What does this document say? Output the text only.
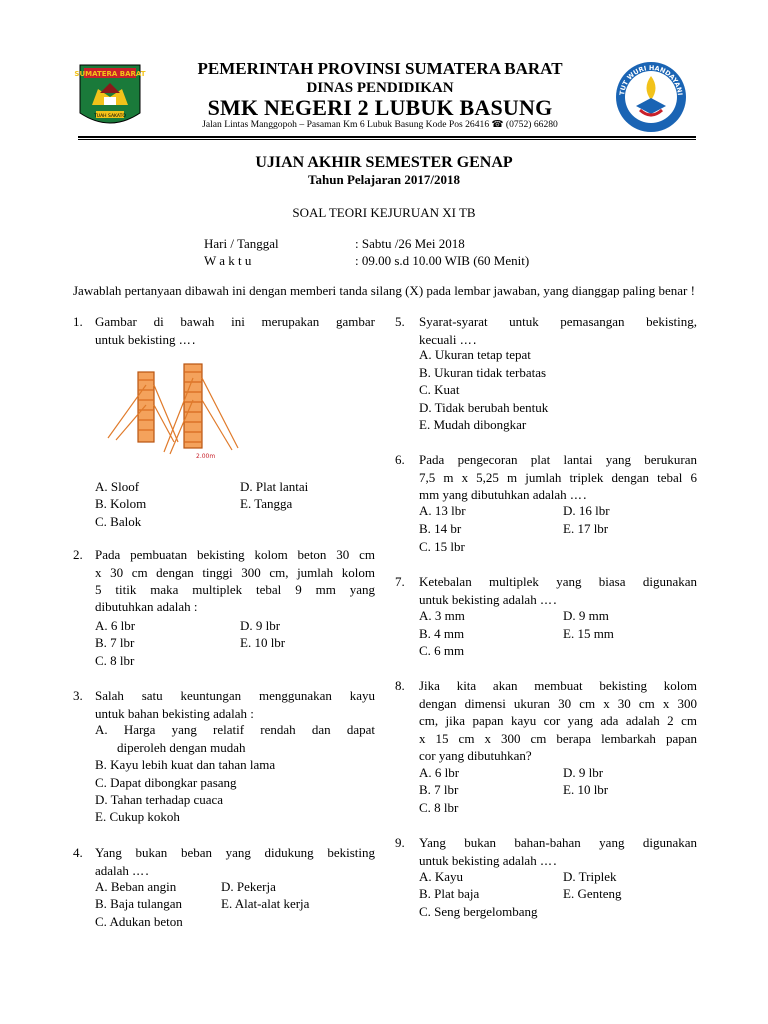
SUMATERA BARAT
TUAH SAKATO
TUT WURI HANDAYANI
PEMERINTAH PROVINSI SUMATERA BARAT
DINAS PENDIDIKAN
SMK NEGERI 2 LUBUK BASUNG
Jalan Lintas Manggopoh – Pasaman Km 6 Lubuk Basung Kode Pos 26416 ☎ (0752) 66280
UJIAN AKHIR SEMESTER GENAP
Tahun Pelajaran 2017/2018
SOAL TEORI KEJURUAN XI TB
Hari / Tanggal	: Sabtu /26 Mei 2018
W a k t u	: 09.00 s.d 10.00 WIB (60 Menit)
Jawablah pertanyaan dibawah ini dengan memberi tanda silang (X) pada lembar jawaban, yang dianggap paling benar !
1. Gambar di bawah ini merupakan gambar
untuk bekisting ….
2.00m
A. Sloof
B. Kolom
C. Balok
D. Plat lantai
E. Tangga
2. Pada pembuatan bekisting kolom beton 30 cm
x 30 cm dengan tinggi 300 cm, jumlah kolom
5 titik maka multiplek tebal 9 mm yang
dibutuhkan adalah :
A. 6 lbr
B. 7 lbr
C. 8 lbr
D. 9 lbr
E. 10 lbr
3. Salah satu keuntungan menggunakan kayu
untuk bahan bekisting adalah :
A. Harga yang relatif rendah dan dapat
diperoleh dengan mudah
B. Kayu lebih kuat dan tahan lama
C. Dapat dibongkar pasang
D. Tahan terhadap cuaca
E. Cukup kokoh
4. Yang bukan beban yang didukung bekisting
adalah ….
A. Beban angin
B. Baja tulangan
C. Adukan beton
D. Pekerja
E. Alat-alat kerja
5. Syarat-syarat untuk pemasangan bekisting,
kecuali ….
A. Ukuran tetap tepat
B. Ukuran tidak terbatas
C. Kuat
D. Tidak berubah bentuk
E. Mudah dibongkar
6. Pada pengecoran plat lantai yang berukuran
7,5 m x 5,25 m jumlah triplek dengan tebal 6
mm yang dibutuhkan adalah ….
A. 13 lbr
B. 14 br
C. 15 lbr
D. 16 lbr
E. 17 lbr
7. Ketebalan multiplek yang biasa digunakan
untuk bekisting adalah ….
A. 3 mm
B. 4 mm
C. 6 mm
D. 9 mm
E. 15 mm
8. Jika kita akan membuat bekisting kolom
dengan dimensi ukuran 30 cm x 30 cm x 300
cm, jika papan kayu cor yang ada adalah 2 cm
x 15 cm x 300 cm berapa lembarkah papan
cor yang dibutuhkan?
A. 6 lbr
B. 7 lbr
C. 8 lbr
D. 9 lbr
E. 10 lbr
9. Yang bukan bahan-bahan yang digunakan
untuk bekisting adalah ….
A. Kayu
B. Plat baja
C. Seng bergelombang
D. Triplek
E. Genteng
